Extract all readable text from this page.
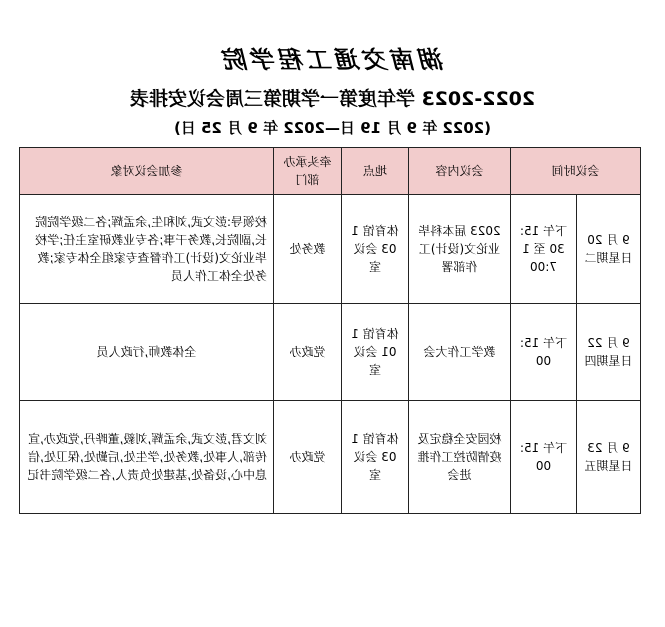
湖南交通工程学院
2022-2023 学年度第一学期第三周会议安排表
(2022 年 9 月 19 日—2022 年 9 月 25 日)
会议时间		会议内容	地点	牵头承办部门	参加会议对象
9 月 20 日星期二	下午 15:30 至 17:00	2023 届本科毕业论文(设计)工作部署	体育馆 103 会议室	教务处	校领导:彭文武,刘和生,余孟辉;各二级学院院长,副院长,教务干事;各专业教研室主任;学校毕业论文(设计)工作督查专家组全体专家;教务处全体工作人员
9 月 22 日星期四	下午 15:00	教学工作大会	体育馆 101 会议室	党政办	全体教师,行政人员
9 月 23 日星期五	下午 15:00	校园安全稳定及疫情防控工作推进会	体育馆 103 会议室	党政办	刘文君,彭文武,余孟辉,刘毅,董晔丹,党政办,宣传部,人事处,教务处,学生处,后勤处,保卫处,信息中心,设备处,基建处负责人,各二级学院书记
